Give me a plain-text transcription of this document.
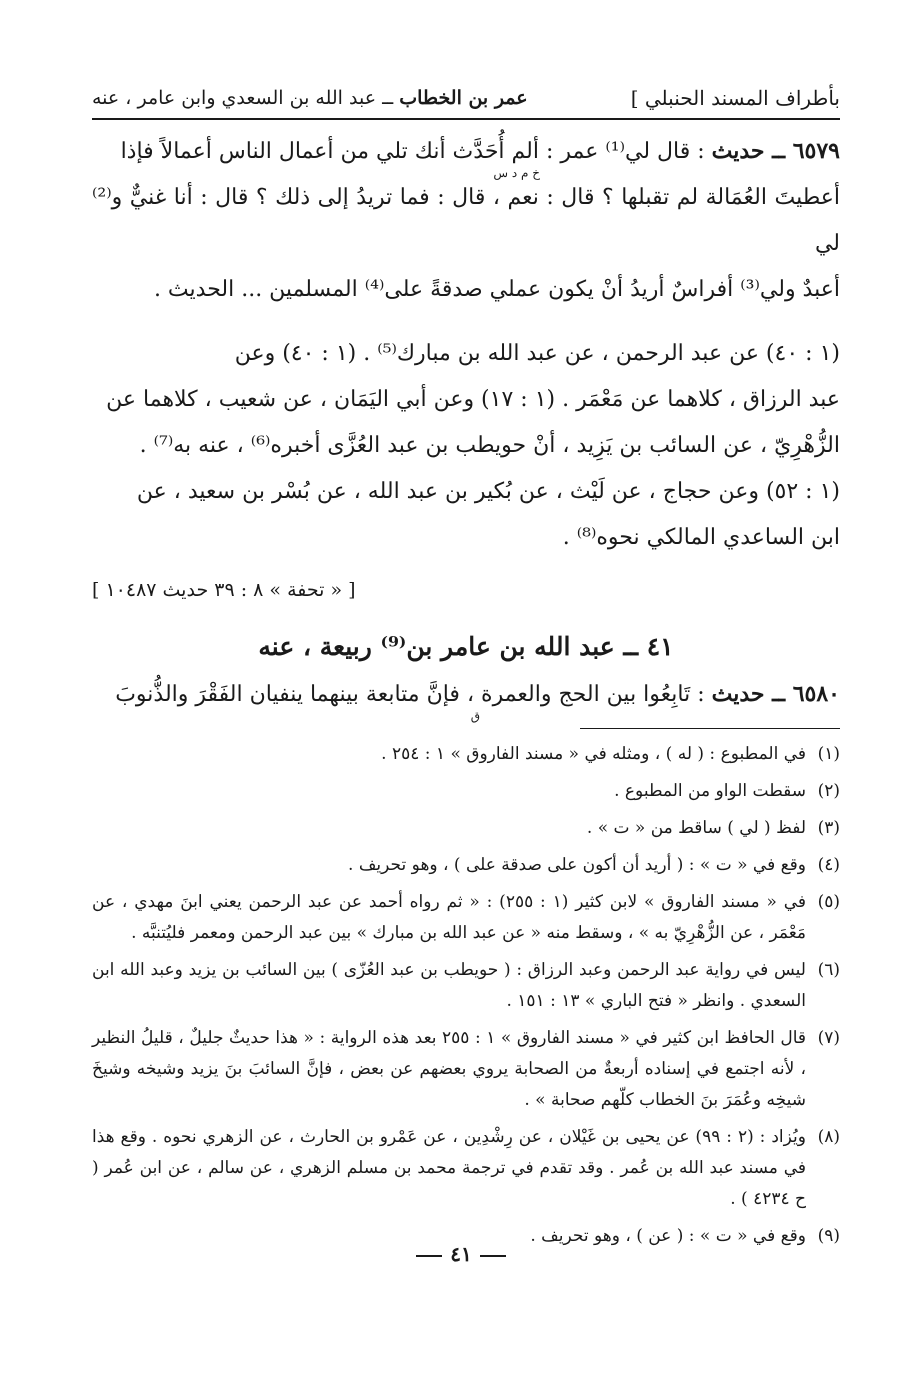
بأطراف المسند الحنبلي ]
عمر بن الخطاب ــ عبد الله بن السعدي وابن عامر ، عنه

٦٥٧٩ ــ حديث : قال لي⁽¹⁾ عمر : ألم أُحَدَّث أنك تلي من أعمال الناس أعمالاً فإذا

خ م د س

أعطيتَ العُمَالة لم تقبلها ؟ قال : نعم ، قال : فما تريدُ إلى ذلك ؟ قال : أنا غنيٌّ و⁽²⁾ لي

أعبدٌ ولي⁽³⁾ أفراسٌ أريدُ أنْ يكون عملي صدقةً على⁽⁴⁾ المسلمين ... الحديث .

(١ : ٤٠) عن عبد الرحمن ، عن عبد الله بن مبارك⁽⁵⁾ . (١ : ٤٠) وعن

عبد الرزاق ، كلاهما عن مَعْمَر . (١ : ١٧) وعن أبي اليَمَان ، عن شعيب ، كلاهما عن

الزُّهْرِيّ ، عن السائب بن يَزِيد ، أنْ حويطب بن عبد العُزَّى أخبره⁽⁶⁾ ، عنه به⁽⁷⁾ .

(١ : ٥٢) وعن حجاج ، عن لَيْث ، عن بُكير بن عبد الله ، عن بُسْر بن سعيد ، عن

ابن الساعدي المالكي نحوه⁽⁸⁾ .

[ « تحفة » ٨ : ٣٩ حديث ١٠٤٨٧ ]

٤١ ــ عبد الله بن عامر بن⁽⁹⁾ ربيعة ، عنه

٦٥٨٠ ــ حديث : تَابِعُوا بين الحج والعمرة ، فإنَّ متابعة بينهما ينفيان الفَقْرَ والذُّنوبَ

ق
(١)
في المطبوع : ( له ) ، ومثله في « مسند الفاروق » ١ : ٢٥٤ .
(٢)
سقطت الواو من المطبوع .
(٣)
لفظ ( لي ) ساقط من « ت » .
(٤)
وقع في « ت » : ( أريد أن أكون على صدقة على ) ، وهو تحريف .
(٥)
في « مسند الفاروق » لابن كثير (١ : ٢٥٥) : « ثم رواه أحمد عن عبد الرحمن يعني ابنَ مهدي ، عن مَعْمَر ، عن الزُّهْرِيّ به » ، وسقط منه « عن عبد الله بن مبارك » بين عبد الرحمن ومعمر فليُتنبَّه .
(٦)
ليس في رواية عبد الرحمن وعبد الرزاق : ( حويطب بن عبد العُزّى ) بين السائب بن يزيد وعبد الله ابن السعدي . وانظر « فتح الباري » ١٣ : ١٥١ .
(٧)
قال الحافظ ابن كثير في « مسند الفاروق » ١ : ٢٥٥ بعد هذه الرواية : « هذا حديثٌ جليلٌ ، قليلُ النظير ، لأنه اجتمع في إسناده أربعةٌ من الصحابة يروي بعضهم عن بعض ، فإنَّ السائبَ بنَ يزيد وشيخه وشيخَ شيخِه وعُمَرَ بنَ الخطاب كلّهم صحابة » .
(٨)
ويُزاد : (٢ : ٩٩) عن يحيى بن غَيْلان ، عن رِشْدِين ، عن عَمْرو بن الحارث ، عن الزهري نحوه . وقع هذا في مسند عبد الله بن عُمر . وقد تقدم في ترجمة محمد بن مسلم الزهري ، عن سالم ، عن ابن عُمر ( ح ٤٢٣٤ ) .
(٩)
وقع في « ت » : ( عن ) ، وهو تحريف .
٤١
